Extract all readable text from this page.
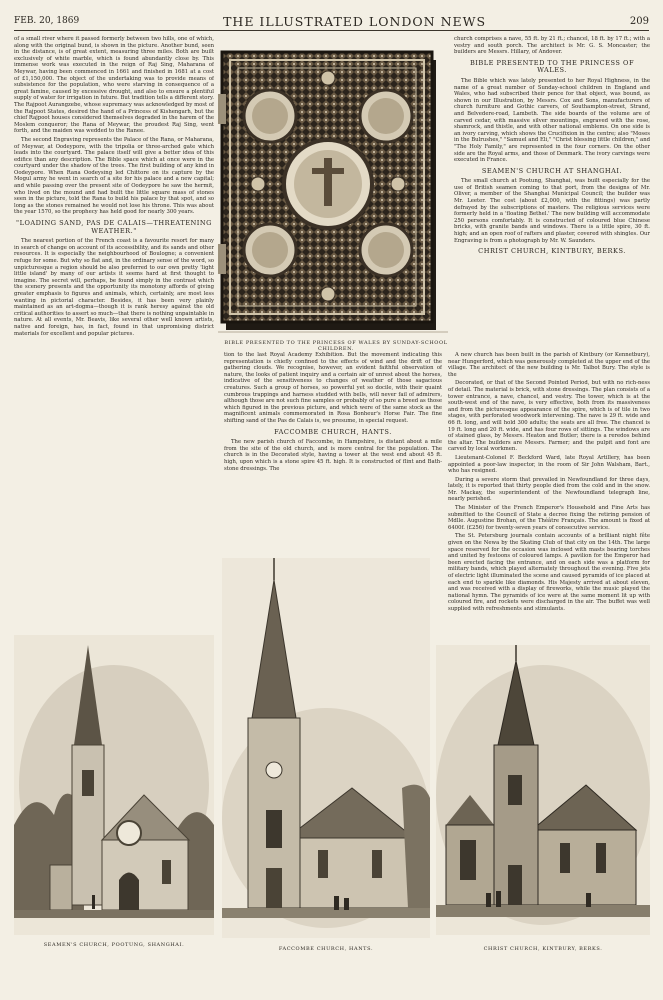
FEB. 20, 1869	THE ILLUSTRATED LONDON NEWS	209

of a small river where it passed formerly between two hills, one of which, along with the original bund, is shown in the picture. Another bund, seen in the distance, is of great extent, measuring three miles. Both are built exclusively of white marble, which is found abundantly close by. This immense work was executed in the reign of Raj Sing, Maharana of Meywar, having been commenced in 1661 and finished in 1681 at a cost of £1,150,000. The object of the undertaking was to provide means of subsistence for the population, who were starving in consequence of a great famine, caused by excessive drought, and also to ensure a plentiful supply of water for irrigation in future. But tradition tells a different story. The Rajpoot Aurangzebe, whose supremacy was acknowledged by most of the Rajpoot States, desired the hand of a Princess of Kishengarh, but the chief Rajpoot houses considered themselves degraded in the harem of the Moslem conqueror; the Rana of Meywar, the proudest Raj Sing, went forth, and the maiden was wedded to the Ranee.

The second Engraving represents the Palace of the Rana, or Maharana, of Meywar, at Oodeypore, with the tripolia or three-arched gate which leads into the courtyard. The palace itself will give a better idea of this edifice than any description. The Bible space which at once were in the courtyard under the shadow of the trees. The first building of any kind in Oodeypore. When Rana Oodeysing led Chittore on its capture by the Mogul army he went in search of a site for his palace and a new capital; and while passing over the present site of Oodeypore he saw the hermit, who lived on the mound and had built the little square mass of stones seen in the picture, told the Rana to build his palace by that spot, and so long as the stones remained he would not lose his throne. This was about the year 1570, so the prophecy has held good for nearly 300 years.

"LOADING SAND, PAS DE CALAIS—THREATENING WEATHER."

The nearest portion of the French coast is a favourite resort for many in search of change on account of its accessibility, and its sands and other resources. It is especially the neighbourhood of Boulogne; a convenient refuge for some. But why so flat and, in the ordinary sense of the word, so unpicturesque a region should be also preferred to our own pretty 'light little island' by many of our artists it seems hard at first thought to imagine. The secret will, perhaps, be found simply in the contrast which the scenery presents and the opportunity its monotony affords of giving greater emphasis to figures and animals, which, certainly, are most less wanting in pictorial character. Besides, it has been very plainly maintained as an art-dogma—though it is rank heresy against the old critical authorities to assert so much—that there is nothing unpaintable in nature. At all events, Mr. Beavis, like several other well known artists, native and foreign, has, in fact, found in that unpromising district materials for excellent and popular pictures.

BIBLE PRESENTED TO THE PRINCESS OF WALES BY SUNDAY-SCHOOL CHILDREN.

church comprises a nave, 55 ft. by 21 ft.; chancel, 18 ft. by 17 ft.; with a vestry and south porch. The architect is Mr. G. S. Moncaster; the builders are Messrs. Hillary, of Andover.

BIBLE PRESENTED TO THE PRINCESS OF WALES.

The Bible which was lately presented to her Royal Highness, in the name of a great number of Sunday-school children in England and Wales, who had subscribed their pence for that object, was bound, as shown in our Illustration, by Messrs. Cox and Sons, manufacturers of church furniture and Gothic carvers, of Southampton-street, Strand, and Belvedere-road, Lambeth. The side boards of the volume are of carved cedar, with massive silver mountings, engraved with the rose, shamrock, and thistle, and with other national emblems. On one side is an ivory carving, which shows the Crucifixion in the centre; also "Moses in the Bulrushes," "Samuel and Eli," "Christ blessing little children," and "The Holy Family," are represented in the four corners. On the other side are the Royal arms, and those of Denmark. The ivory carvings were executed in France.

SEAMEN'S CHURCH AT SHANGHAI.

The small church at Pootung, Shanghai, was built especially for the use of British seamen coming to that port, from the designs of Mr. Oliver, a member of the Shanghai Municipal Council; the builder was Mr. Leeter. The cost (about £2,000, with the fittings) was partly defrayed by the subscriptions of masters. The religious services were formerly held in a 'floating Bethel.' The new building will accommodate 250 persons comfortably. It is constructed of coloured blue Chinese bricks, with granite bands and windows. There is a little spire, 30 ft. high; and an open roof of rafters and plaster, covered with shingles. Our Engraving is from a photograph by Mr. W. Saunders.

CHRIST CHURCH, KINTBURY, BERKS.

tion to the last Royal Academy Exhibition. But the movement indicating this representation is chiefly confined to the effects of wind and the drift of the gathering clouds. We recognise, however, an evident faithful observation of nature, the looks of patient inquiry and a certain air of unrest about the horses, indicative of the sensitiveness to changes of weather of those sagacious creatures. Such a group of horses, so powerful yet so docile, with their quaint cumbrous trappings and harness studded with bells, will never fail of admirers, although those are not such fine samples or probably of so pure a breed as those which figured in the previous picture, and which were of the same stock as the magnificent animals commemorated in Rosa Bonheur's Horse Fair. The fine shifting sand of the Pas de Calais is, we presume, in special request.

FACCOMBE CHURCH, HANTS.

The new parish church of Faccombe, in Hampshire, is distant about a mile from the site of the old church, and is more central for the population. The church is in the Decorated style, having a tower at the west end about 45 ft. high, upon which is a stone spire 45 ft. high. It is constructed of flint and Bath-stone dressings. The

A new church has been built in the parish of Kintbury (or Kennetbury), near Hungerford, which was generously completed at the upper end of the village. The architect of the new building is Mr. Talbot Bury. The style is the

Decorated, or that of the Second Pointed Period, but with no rich-ness of detail. The material is brick, with stone dressings. The plan consists of a tower entrance, a nave, chancel, and vestry. The tower, which is at the south-west end of the nave, is very effective, both from its massiveness and from the picturesque appearance of the spire, which is of tile in two stages, with perforated woodwork intervening. The nave is 29 ft. wide and 66 ft. long, and will hold 300 adults; the seats are all free. The chancel is 19 ft. long and 20 ft. wide, and has four rows of sittings. The windows are of stained glass, by Messrs. Heaton and Butler; there is a reredos behind the altar. The builders are Messrs. Farmer; and the pulpit and font are carved by local workmen.

Lieutenant-Colonel F. Beckford Ward, late Royal Artillery, has been appointed a poor-law inspector, in the room of Sir John Walsham, Bart., who has resigned.

During a severe storm that prevailed in Newfoundland for three days, lately, it is reported that thirty people died from the cold and in the snow. Mr. Mackay, the superintendent of the Newfoundland telegraph line, nearly perished.

The Minister of the French Emperor's Household and Fine Arts has submitted to the Council of State a decree fixing the retiring pension of Mdlle. Augustine Brohan, of the Théâtre Français. The amount is fixed at 6400f. (£256) for twenty-seven years of consecutive service.

The St. Petersburg journals contain accounts of a brilliant night fête given on the Newa by the Skating Club of that city on the 14th. The large space reserved for the occasion was inclosed with masts bearing torches and united by festoons of coloured lamps. A pavilion for the Emperor had been erected facing the entrance, and on each side was a platform for military bands, which played alternately throughout the evening. Five jets of electric light illuminated the scene and caused pyramids of ice placed at each end to sparkle like diamonds. His Majesty arrived at about eleven, and was received with a display of fireworks, while the music played the national hymn. The pyramids of ice were at the same moment lit up with coloured fire, and rockets were discharged in the air. The buffet was well supplied with refreshments and stimulants.

SEAMEN'S CHURCH, POOTUNG, SHANGHAI.
FACCOMBE CHURCH, HANTS.	CHRIST CHURCH, KINTBURY, BERKS.
